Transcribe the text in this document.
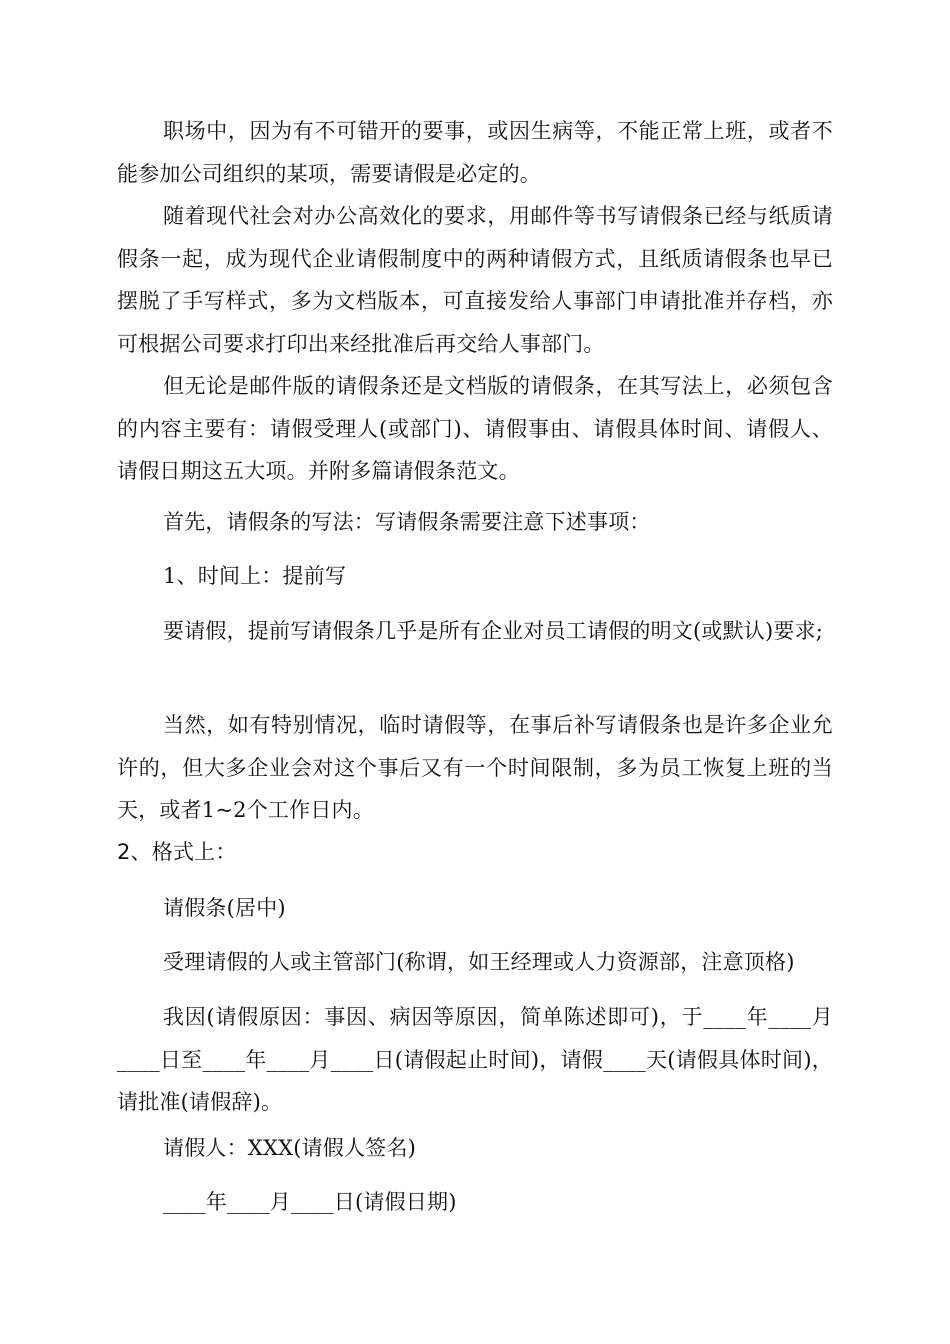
职场中，因为有不可错开的要事，或因生病等，不能正常上班，或者不能参加公司组织的某项，需要请假是必定的。

随着现代社会对办公高效化的要求，用邮件等书写请假条已经与纸质请假条一起，成为现代企业请假制度中的两种请假方式，且纸质请假条也早已摆脱了手写样式，多为文档版本，可直接发给人事部门申请批准并存档，亦可根据公司要求打印出来经批准后再交给人事部门。

但无论是邮件版的请假条还是文档版的请假条，在其写法上，必须包含的内容主要有：请假受理人(或部门)、请假事由、请假具体时间、请假人、请假日期这五大项。并附多篇请假条范文。

首先，请假条的写法：写请假条需要注意下述事项：

1、时间上：提前写

要请假，提前写请假条几乎是所有企业对员工请假的明文(或默认)要求;

当然，如有特别情况，临时请假等，在事后补写请假条也是许多企业允许的，但大多企业会对这个事后又有一个时间限制，多为员工恢复上班的当天，或者1~2个工作日内。

2、格式上：

请假条(居中)

受理请假的人或主管部门(称谓，如王经理或人力资源部，注意顶格)

我因(请假原因：事因、病因等原因，简单陈述即可)，于____年____月____日至____年____月____日(请假起止时间)，请假____天(请假具体时间)，请批准(请假辞)。

请假人：XXX(请假人签名)

____年____月____日(请假日期)
